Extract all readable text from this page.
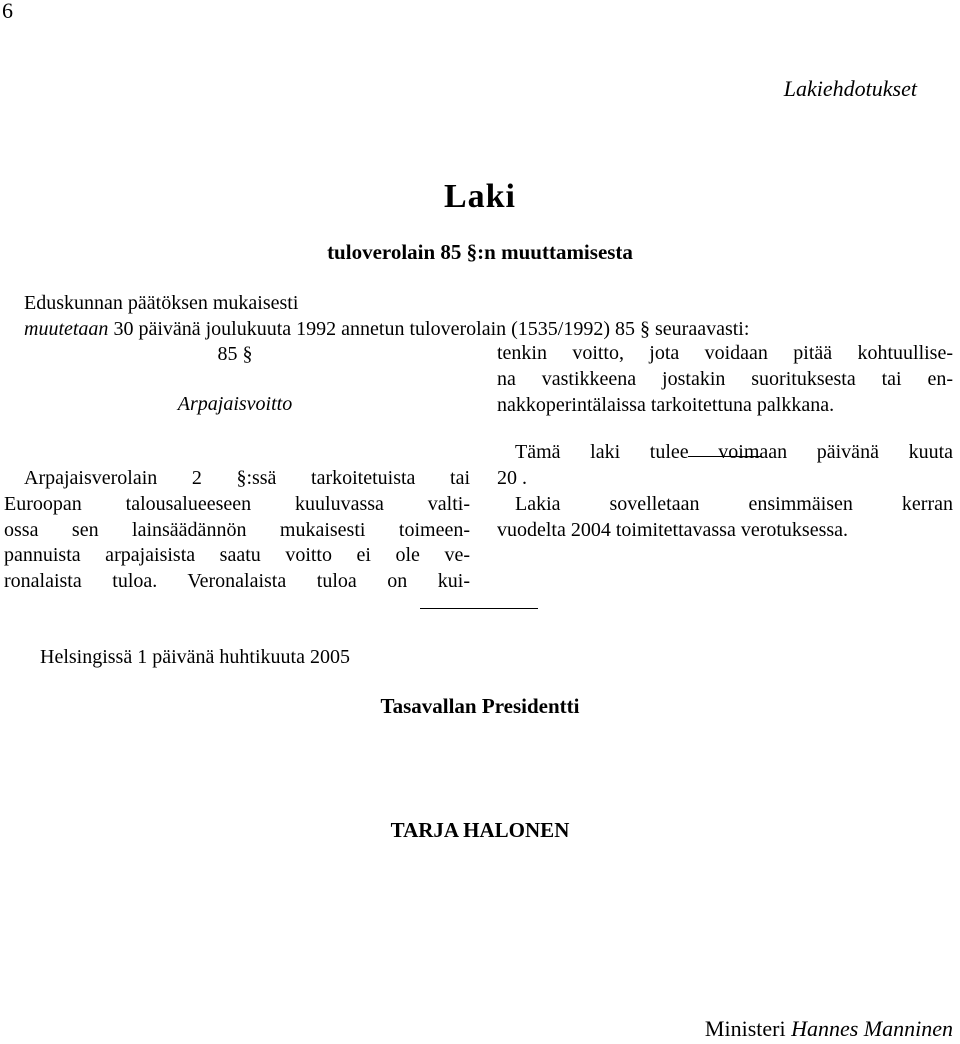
6
Lakiehdotukset
Laki
tuloverolain 85 §:n muuttamisesta
Eduskunnan päätöksen mukaisesti
muutetaan 30 päivänä joulukuuta 1992 annetun tuloverolain (1535/1992) 85 § seuraavasti:
85 §
Arpajaisvoitto
Arpajaisverolain 2 §:ssä tarkoitetuista tai
Euroopan talousalueeseen kuuluvassa valti-
ossa sen lainsäädännön mukaisesti toimeen-
pannuista arpajaisista saatu voitto ei ole ve-
ronalaista tuloa. Veronalaista tuloa on kui-
tenkin voitto, jota voidaan pitää kohtuullise-
na vastikkeena jostakin suorituksesta tai en-
nakkoperintälaissa tarkoitettuna palkkana.
Tämä laki tulee voimaan päivänä kuuta
20 .
Lakia sovelletaan ensimmäisen kerran
vuodelta 2004 toimitettavassa verotuksessa.
Helsingissä 1 päivänä huhtikuuta 2005
Tasavallan Presidentti
TARJA HALONEN
Ministeri Hannes Manninen
